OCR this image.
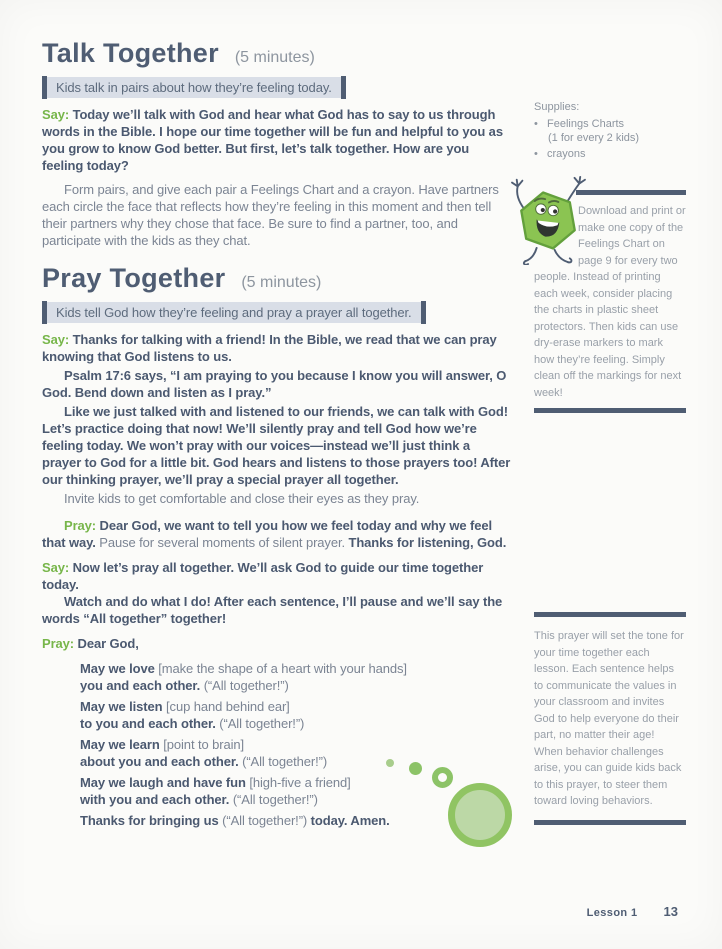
Talk Together (5 minutes)
Kids talk in pairs about how they’re feeling today.

Say: Today we’ll talk with God and hear what God has to say to us through words in the Bible. I hope our time together will be fun and helpful to you as you grow to know God better. But first, let’s talk together. How are you feeling today?

Form pairs, and give each pair a Feelings Chart and a crayon. Have partners each circle the face that reflects how they’re feeling in this moment and then tell their partners why they chose that face. Be sure to find a partner, too, and participate with the kids as they chat.

Pray Together (5 minutes)
Kids tell God how they’re feeling and pray a prayer all together.

Say: Thanks for talking with a friend! In the Bible, we read that we can pray knowing that God listens to us.

Psalm 17:6 says, “I am praying to you because I know you will answer, O God. Bend down and listen as I pray.”

Like we just talked with and listened to our friends, we can talk with God! Let’s practice doing that now! We’ll silently pray and tell God how we’re feeling today. We won’t pray with our voices—instead we’ll just think a prayer to God for a little bit. God hears and listens to those prayers too! After our thinking prayer, we’ll pray a special prayer all together.

Invite kids to get comfortable and close their eyes as they pray.

Pray: Dear God, we want to tell you how we feel today and why we feel that way. Pause for several moments of silent prayer. Thanks for listening, God.

Say: Now let’s pray all together. We’ll ask God to guide our time together today.

Watch and do what I do! After each sentence, I’ll pause and we’ll say the words “All together” together!

Pray: Dear God,

May we love [make the shape of a heart with your hands]
you and each other. (“All together!”)
May we listen [cup hand behind ear]
to you and each other. (“All together!”)
May we learn [point to brain]
about you and each other. (“All together!”)
May we laugh and have fun [high-five a friend]
with you and each other. (“All together!”)

Thanks for bringing us (“All together!”) today. Amen.

Supplies:
• Feelings Charts
(1 for every 2 kids)
• crayons
Download and print or make one copy of the Feelings Chart on page 9 for every two people. Instead of printing each week, consider placing the charts in plastic sheet protectors. Then kids can use dry-erase markers to mark how they’re feeling. Simply clean off the markings for next week!
This prayer will set the tone for your time together each lesson. Each sentence helps to communicate the values in your classroom and invites God to help everyone do their part, no matter their age! When behavior challenges arise, you can guide kids back to this prayer, to steer them toward loving behaviors.
Lesson 1 13
